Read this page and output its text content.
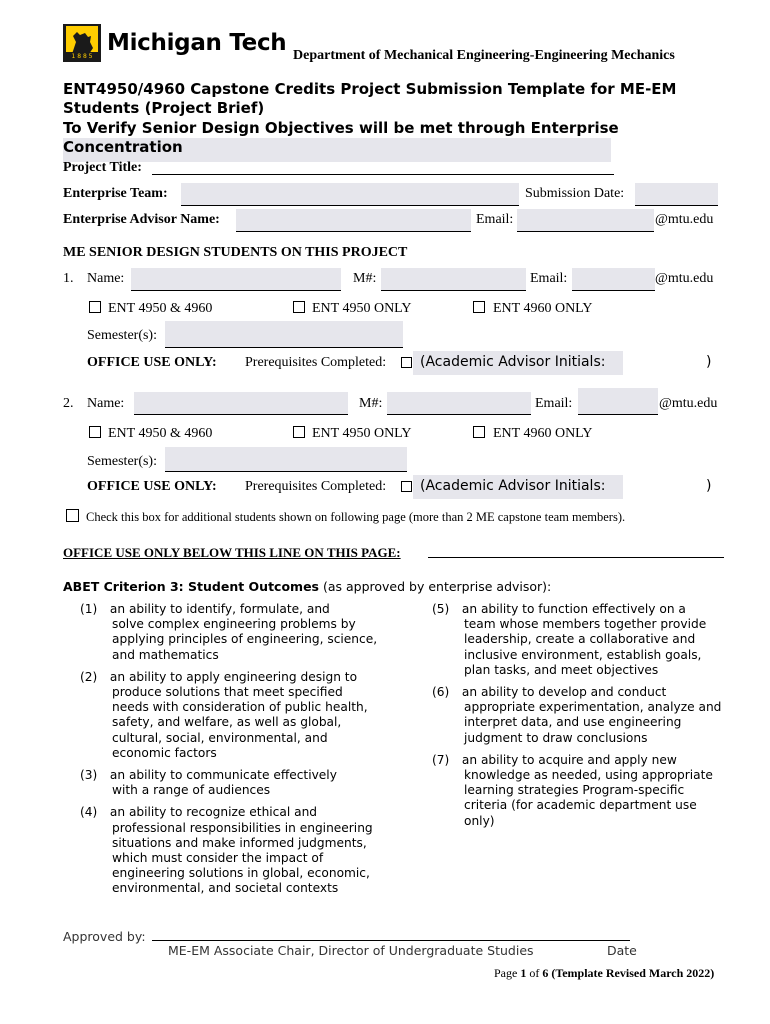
1 8 8 5
Michigan Tech Department of Mechanical Engineering-Engineering Mechanics
ENT4950/4960 Capstone Credits Project Submission Template for ME-EM
Students (Project Brief)
To Verify Senior Design Objectives will be met through Enterprise
Concentration
Project Title:
Enterprise Team:	Submission Date:
Enterprise Advisor Name:	Email:	@mtu.edu
ME SENIOR DESIGN STUDENTS ON THIS PROJECT
1. Name:	M#:	Email:	@mtu.edu
ENT 4950 & 4960	ENT 4950 ONLY	ENT 4960 ONLY
Semester(s):
OFFICE USE ONLY: Prerequisites Completed: (Academic Advisor Initials:	)
2. Name:	M#:	Email:	@mtu.edu
ENT 4950 & 4960	ENT 4950 ONLY	ENT 4960 ONLY
Semester(s):
OFFICE USE ONLY: Prerequisites Completed: (Academic Advisor Initials:	)
Check this box for additional students shown on following page (more than 2 ME capstone team members).
OFFICE USE ONLY BELOW THIS LINE ON THIS PAGE:
ABET Criterion 3: Student Outcomes (as approved by enterprise advisor):
(1) an ability to identify, formulate, and
solve complex engineering problems by
applying principles of engineering, science,
and mathematics
(2) an ability to apply engineering design to
produce solutions that meet specified
needs with consideration of public health,
safety, and welfare, as well as global,
cultural, social, environmental, and
economic factors
(3) an ability to communicate effectively
with a range of audiences
(4) an ability to recognize ethical and
professional responsibilities in engineering
situations and make informed judgments,
which must consider the impact of
engineering solutions in global, economic,
environmental, and societal contexts
(5) an ability to function effectively on a
team whose members together provide
leadership, create a collaborative and
inclusive environment, establish goals,
plan tasks, and meet objectives
(6) an ability to develop and conduct
appropriate experimentation, analyze and
interpret data, and use engineering
judgment to draw conclusions
(7) an ability to acquire and apply new
knowledge as needed, using appropriate
learning strategies Program-specific
criteria (for academic department use
only)
Approved by:
ME-EM Associate Chair, Director of Undergraduate Studies	Date
Page 1 of 6 (Template Revised March 2022)
